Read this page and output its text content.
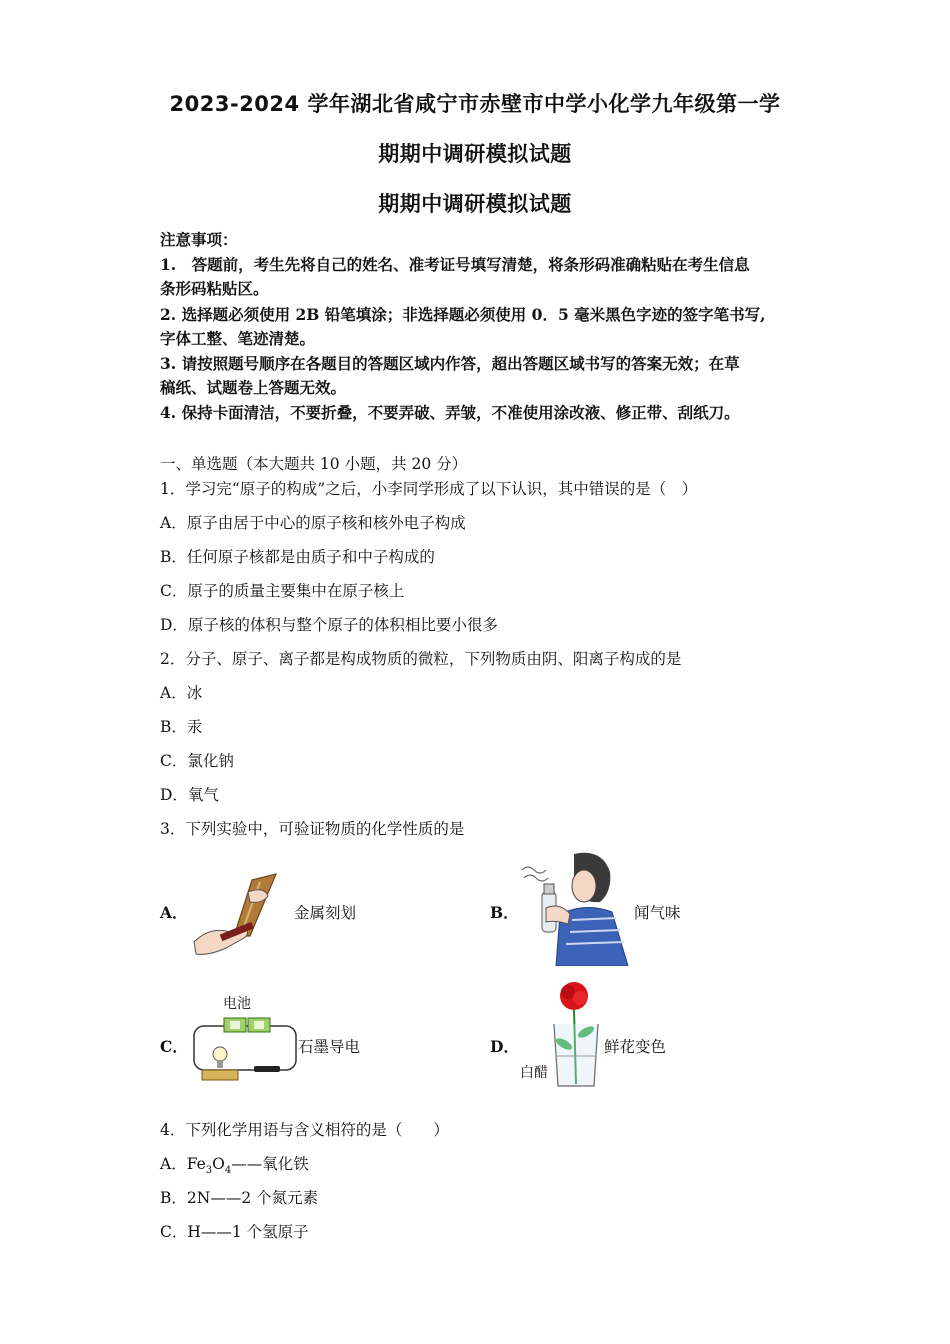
2023-2024 学年湖北省咸宁市赤壁市中学小化学九年级第一学
期期中调研模拟试题
期期中调研模拟试题
注意事项：
1.　答题前，考生先将自己的姓名、准考证号填写清楚，将条形码准确粘贴在考生信息
条形码粘贴区。
2. 选择题必须使用 2B 铅笔填涂；非选择题必须使用 0．5 毫米黑色字迹的签字笔书写,
字体工整、笔迹清楚。
3. 请按照题号顺序在各题目的答题区域内作答，超出答题区域书写的答案无效；在草
稿纸、试题卷上答题无效。
4. 保持卡面清洁，不要折叠，不要弄破、弄皱，不准使用涂改液、修正带、刮纸刀。
一、单选题（本大题共 10 小题，共 20 分）
1．学习完“原子的构成”之后，小李同学形成了以下认识，其中错误的是（　）
A．原子由居于中心的原子核和核外电子构成
B．任何原子核都是由质子和中子构成的
C．原子的质量主要集中在原子核上
D．原子核的体积与整个原子的体积相比要小很多
2．分子、原子、离子都是构成物质的微粒，下列物质由阴、阳离子构成的是
A．冰
B．汞
C．氯化钠
D．氧气
3．下列实验中，可验证物质的化学性质的是
A．	金属刻划	B．	闻气味
C．
电池
石墨导电	D．
白醋
鲜花变色
4．下列化学用语与含义相符的是（　　）
A．$Fe_3O_4——$氧化铁
B．2N——2 个氮元素
C．H——1 个氢原子
